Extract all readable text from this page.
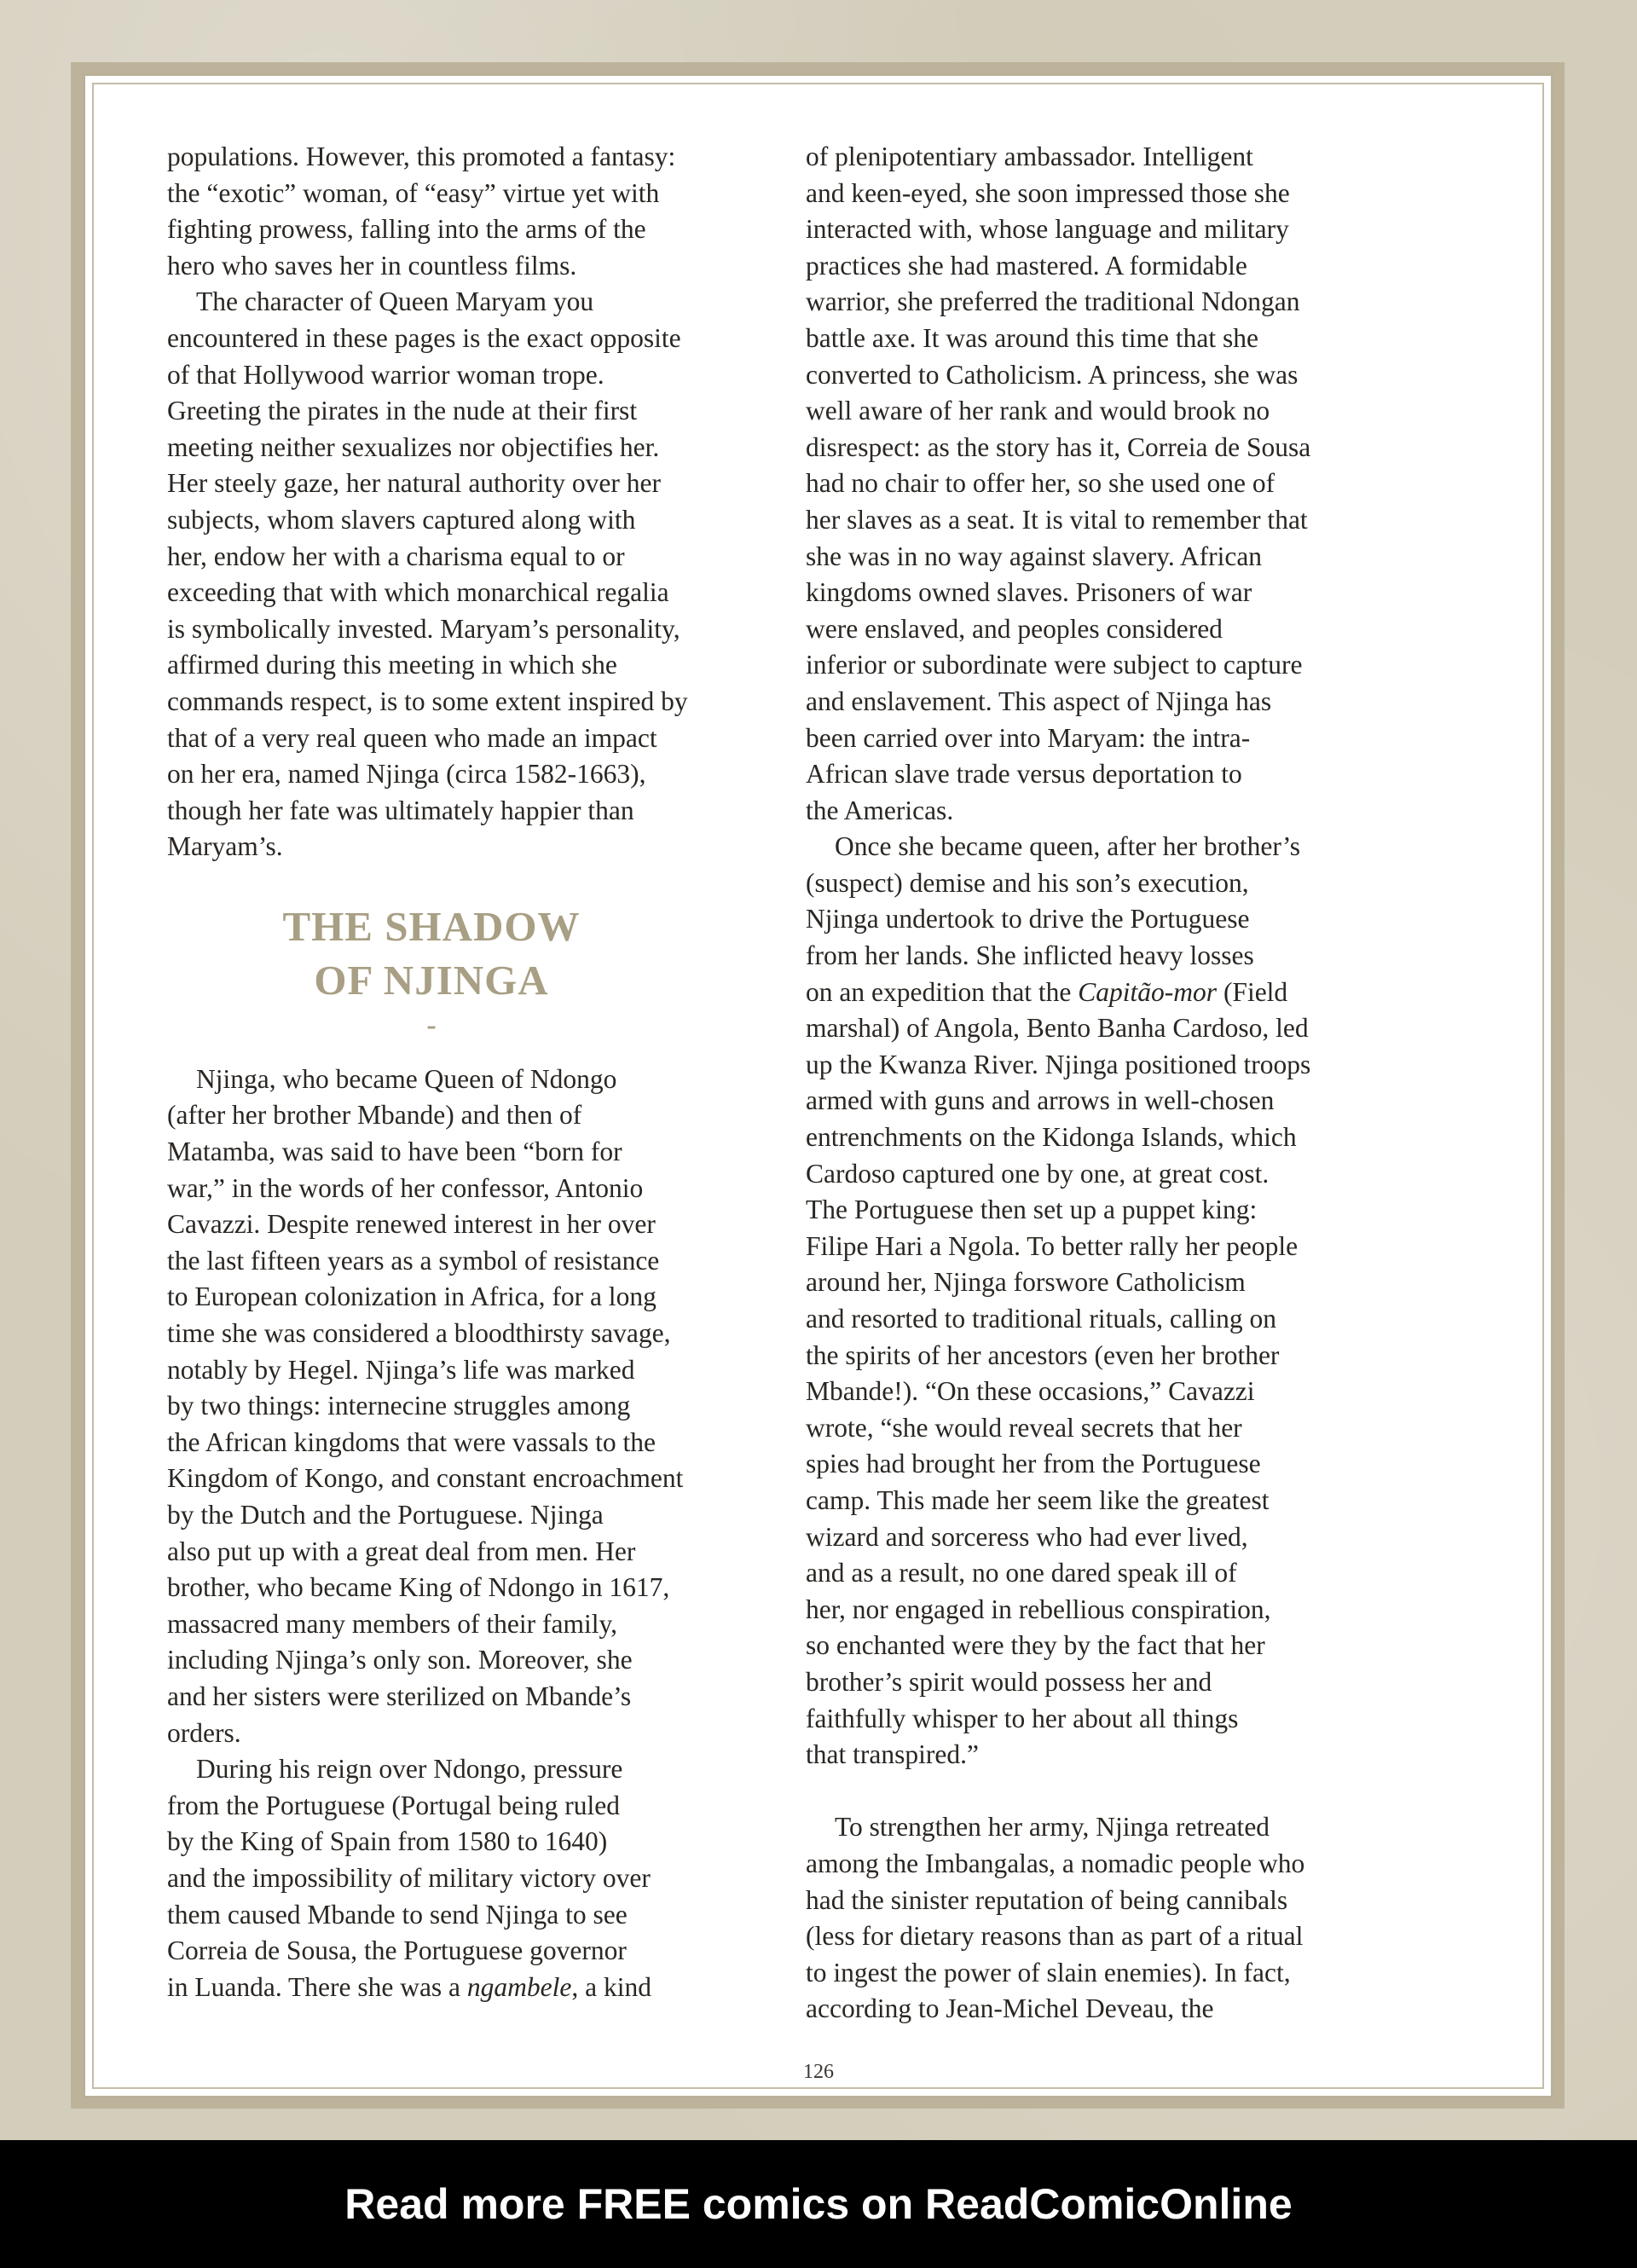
populations. However, this promoted a fantasy:
the “exotic” woman, of “easy” virtue yet with
fighting prowess, falling into the arms of the
hero who saves her in countless films.
The character of Queen Maryam you
encountered in these pages is the exact opposite
of that Hollywood warrior woman trope.
Greeting the pirates in the nude at their first
meeting neither sexualizes nor objectifies her.
Her steely gaze, her natural authority over her
subjects, whom slavers captured along with
her, endow her with a charisma equal to or
exceeding that with which monarchical regalia
is symbolically invested. Maryam’s personality,
affirmed during this meeting in which she
commands respect, is to some extent inspired by
that of a very real queen who made an impact
on her era, named Njinga (circa 1582-1663),
though her fate was ultimately happier than
Maryam’s.
THE SHADOW
OF NJINGA
-
Njinga, who became Queen of Ndongo
(after her brother Mbande) and then of
Matamba, was said to have been “born for
war,” in the words of her confessor, Antonio
Cavazzi. Despite renewed interest in her over
the last fifteen years as a symbol of resistance
to European colonization in Africa, for a long
time she was considered a bloodthirsty savage,
notably by Hegel. Njinga’s life was marked
by two things: internecine struggles among
the African kingdoms that were vassals to the
Kingdom of Kongo, and constant encroachment
by the Dutch and the Portuguese. Njinga
also put up with a great deal from men. Her
brother, who became King of Ndongo in 1617,
massacred many members of their family,
including Njinga’s only son. Moreover, she
and her sisters were sterilized on Mbande’s
orders.
During his reign over Ndongo, pressure
from the Portuguese (Portugal being ruled
by the King of Spain from 1580 to 1640)
and the impossibility of military victory over
them caused Mbande to send Njinga to see
Correia de Sousa, the Portuguese governor
in Luanda. There she was a ngambele, a kind
of plenipotentiary ambassador. Intelligent
and keen-eyed, she soon impressed those she
interacted with, whose language and military
practices she had mastered. A formidable
warrior, she preferred the traditional Ndongan
battle axe. It was around this time that she
converted to Catholicism. A princess, she was
well aware of her rank and would brook no
disrespect: as the story has it, Correia de Sousa
had no chair to offer her, so she used one of
her slaves as a seat. It is vital to remember that
she was in no way against slavery. African
kingdoms owned slaves. Prisoners of war
were enslaved, and peoples considered
inferior or subordinate were subject to capture
and enslavement. This aspect of Njinga has
been carried over into Maryam: the intra-
African slave trade versus deportation to
the Americas.
Once she became queen, after her brother’s
(suspect) demise and his son’s execution,
Njinga undertook to drive the Portuguese
from her lands. She inflicted heavy losses
on an expedition that the Capitão-mor (Field
marshal) of Angola, Bento Banha Cardoso, led
up the Kwanza River. Njinga positioned troops
armed with guns and arrows in well-chosen
entrenchments on the Kidonga Islands, which
Cardoso captured one by one, at great cost.
The Portuguese then set up a puppet king:
Filipe Hari a Ngola. To better rally her people
around her, Njinga forswore Catholicism
and resorted to traditional rituals, calling on
the spirits of her ancestors (even her brother
Mbande!). “On these occasions,” Cavazzi
wrote, “she would reveal secrets that her
spies had brought her from the Portuguese
camp. This made her seem like the greatest
wizard and sorceress who had ever lived,
and as a result, no one dared speak ill of
her, nor engaged in rebellious conspiration,
so enchanted were they by the fact that her
brother’s spirit would possess her and
faithfully whisper to her about all things
that transpired.”
To strengthen her army, Njinga retreated
among the Imbangalas, a nomadic people who
had the sinister reputation of being cannibals
(less for dietary reasons than as part of a ritual
to ingest the power of slain enemies). In fact,
according to Jean-Michel Deveau, the
126
Read more FREE comics on ReadComicOnline
